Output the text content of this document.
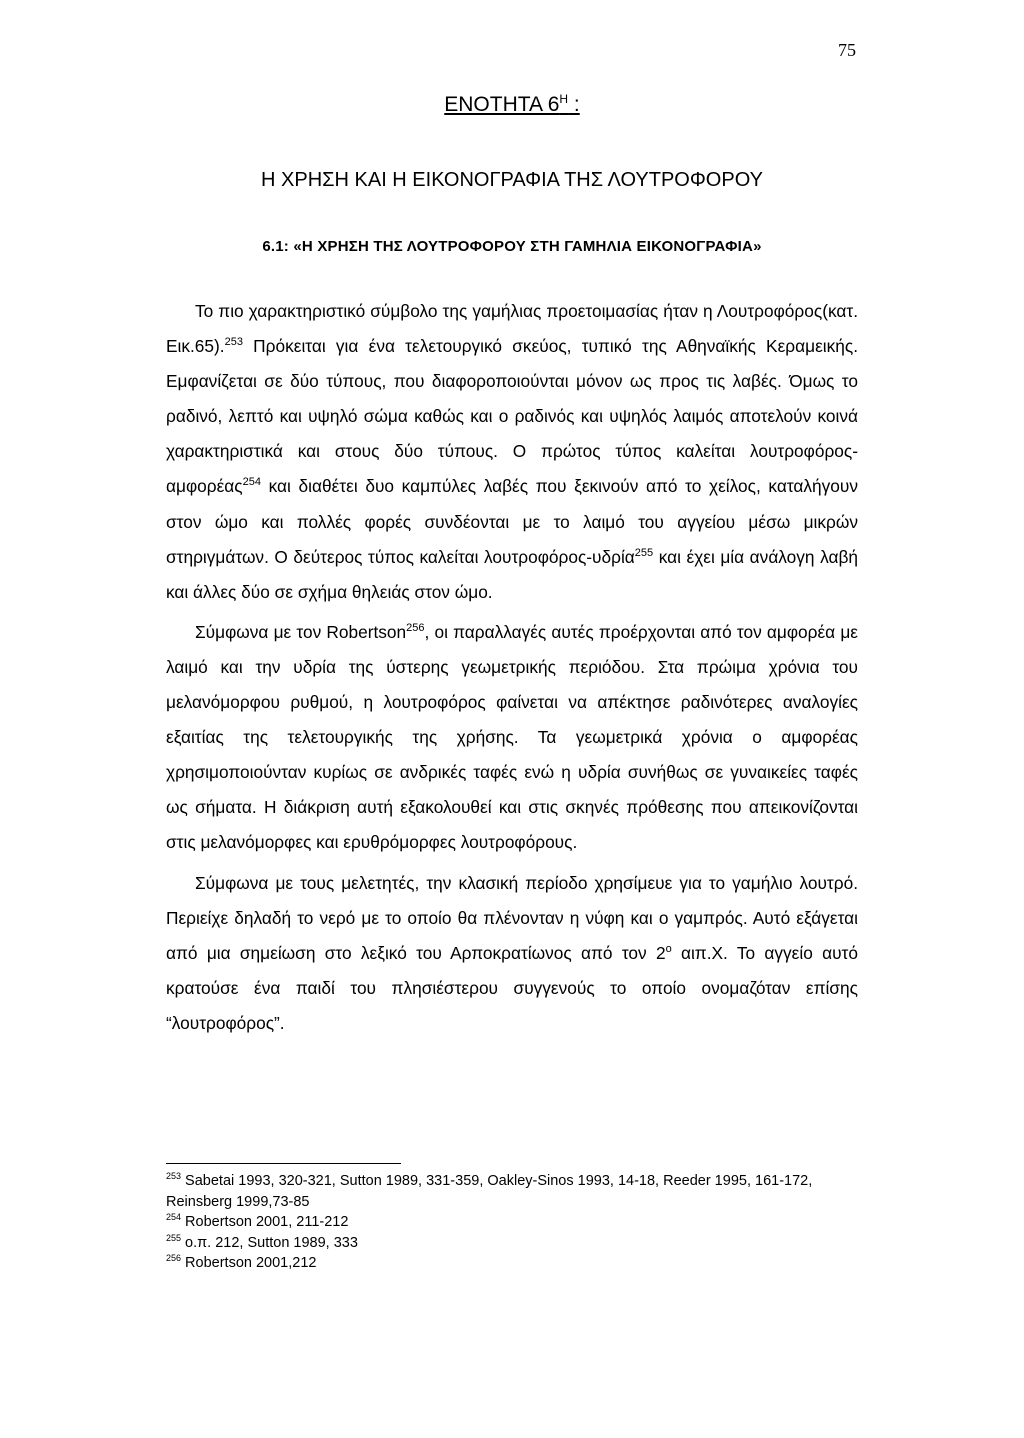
75
ΕΝΟΤΗΤΑ $6^H$ :
Η ΧΡΗΣΗ ΚΑΙ Η ΕΙΚΟΝΟΓΡΑΦΙΑ ΤΗΣ ΛΟΥΤΡΟΦΟΡΟΥ
6.1: «Η ΧΡΗΣΗ ΤΗΣ ΛΟΥΤΡΟΦΟΡΟΥ ΣΤΗ ΓΑΜΗΛΙΑ ΕΙΚΟΝΟΓΡΑΦΙΑ»

Το πιο χαρακτηριστικό σύμβολο της γαμήλιας προετοιμασίας ήταν η Λουτροφόρος(κατ. Εικ.65).$^{253}$ Πρόκειται για ένα τελετουργικό σκεύος, τυπικό της Αθηναϊκής Κεραμεικής. Εμφανίζεται σε δύο τύπους, που διαφοροποιούνται μόνον ως προς τις λαβές. Όμως το ραδινό, λεπτό και υψηλό σώμα καθώς και ο ραδινός και υψηλός λαιμός αποτελούν κοινά χαρακτηριστικά και στους δύο τύπους. Ο πρώτος τύπος καλείται λουτροφόρος-αμφορέας$^{254}$ και διαθέτει δυο καμπύλες λαβές που ξεκινούν από το χείλος, καταλήγουν στον ώμο και πολλές φορές συνδέονται με το λαιμό του αγγείου μέσω μικρών στηριγμάτων. Ο δεύτερος τύπος καλείται λουτροφόρος-υδρία$^{255}$ και έχει μία ανάλογη λαβή και άλλες δύο σε σχήμα θηλειάς στον ώμο.

Σύμφωνα με τον Robertson$^{256}$, οι παραλλαγές αυτές προέρχονται από τον αμφορέα με λαιμό και την υδρία της ύστερης γεωμετρικής περιόδου. Στα πρώιμα χρόνια του μελανόμορφου ρυθμού, η λουτροφόρος φαίνεται να απέκτησε ραδινότερες αναλογίες εξαιτίας της τελετουργικής της χρήσης. Τα γεωμετρικά χρόνια ο αμφορέας χρησιμοποιούνταν κυρίως σε ανδρικές ταφές ενώ η υδρία συνήθως σε γυναικείες ταφές ως σήματα. Η διάκριση αυτή εξακολουθεί και στις σκηνές πρόθεσης που απεικονίζονται στις μελανόμορφες και ερυθρόμορφες λουτροφόρους.

Σύμφωνα με τους μελετητές, την κλασική περίοδο χρησίμευε για το γαμήλιο λουτρό. Περιείχε δηλαδή το νερό με το οποίο θα πλένονταν η νύφη και ο γαμπρός. Αυτό εξάγεται από μια σημείωση στο λεξικό του Αρποκρατίωνος από τον 2$^o$ αιπ.Χ. Το αγγείο αυτό κρατούσε ένα παιδί του πλησιέστερου συγγενούς το οποίο ονομαζόταν επίσης “λουτροφόρος”.

$^{253}$ Sabetai 1993, 320-321, Sutton 1989, 331-359, Oakley-Sinos 1993, 14-18, Reeder 1995, 161-172, Reinsberg 1999,73-85

$^{254}$ Robertson 2001, 211-212

$^{255}$ ο.π. 212, Sutton 1989, 333

$^{256}$ Robertson 2001,212
